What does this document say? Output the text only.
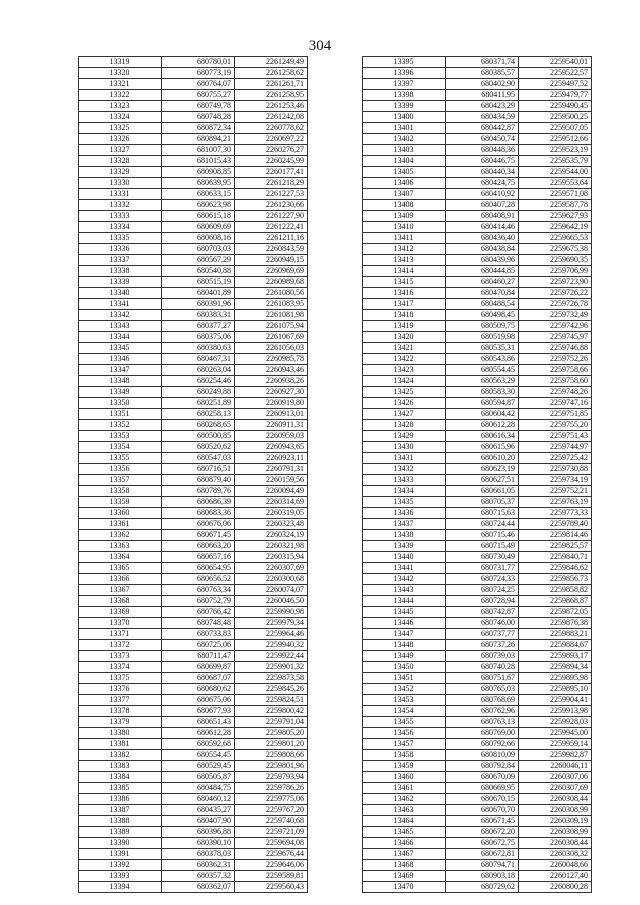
304
13319	680780,01	2261249,49
13320	680773,19	2261258,62
13321	680764,07	2261261,71
13322	680755,27	2261258,95
13323	680749,78	2261253,46
13324	680748,28	2261242,08
13325	680872,34	2260778,62
13326	680894,21	2260697,22
13327	681007,30	2260276,27
13328	681015,43	2260245,99
13329	680908,85	2260177,41
13330	680639,95	2261218,29
13331	680633,15	2261227,53
13332	680623,98	2261230,66
13333	680615,18	2261227,90
13334	680609,69	2261222,41
13335	680608,16	2261211,16
13336	680703,03	2260843,59
13337	680567,29	2260949,15
13338	680540,88	2260969,69
13339	680515,19	2260989,68
13340	680401,89	2261080,56
13341	680391,96	2261083,95
13342	680383,31	2261081,98
13343	680377,27	2261075,94
13344	680375,06	2261067,69
13345	680380,63	2261056,03
13346	680467,31	2260985,78
13347	680263,04	2260943,46
13348	680254,46	2260938,26
13349	680249,88	2260927,30
13350	680251,89	2260919,80
13351	680258,13	2260913,01
13352	680268,65	2260911,31
13353	680500,85	2260959,03
13354	680520,62	2260943,65
13355	680547,03	2260923,11
13356	680716,51	2260791,31
13357	680879,40	2260159,56
13358	680789,76	2260094,49
13359	680686,39	2260314,69
13360	680683,36	2260319,05
13361	680676,06	2260323,48
13362	680671,45	2260324,19
13363	680663,20	2260321,98
13364	680657,16	2260315,94
13365	680654,95	2260307,69
13366	680656,52	2260300,68
13367	680763,34	2260074,07
13368	680752,79	2260046,50
13369	680766,42	2259990,98
13370	680748,48	2259979,34
13371	680733,83	2259964,46
13372	680725,06	2259940,32
13373	680711,47	2259922,44
13374	680699,87	2259901,32
13375	680687,07	2259873,58
13376	680680,62	2259845,26
13377	680675,06	2259824,51
13378	680677,93	2259800,42
13379	680651,43	2259791,04
13380	680612,28	2259805,20
13381	680592,68	2259801,20
13382	680554,45	2259808,66
13383	680529,45	2259801,96
13384	680505,87	2259793,94
13385	680484,75	2259786,26
13386	680460,12	2259775,06
13387	680435,27	2259767,20
13388	680407,90	2259740,68
13389	680396,88	2259721,09
13390	680390,10	2259694,08
13391	680378,03	2259676,44
13392	680362,31	2259646,06
13393	680357,32	2259589,81
13394	680362,07	2259560,43
13395	680371,74	2259540,01
13396	680385,57	2259522,57
13397	680402,90	2259497,52
13398	680411,95	2259479,77
13399	680423,29	2259490,45
13400	680434,59	2259500,25
13401	680442,87	2259507,05
13402	680450,74	2259512,66
13403	680448,36	2259523,19
13404	680446,75	2259535,79
13405	680440,34	2259544,00
13406	680424,75	2259553,64
13407	680410,92	2259571,08
13408	680407,28	2259587,78
13409	680408,91	2259627,93
13410	680414,46	2259642,19
13411	680436,40	2259665,53
13412	680438,84	2259675,38
13413	680439,96	2259690,35
13414	680444,85	2259706,99
13415	680460,27	2259723,90
13416	680470,84	2259726,22
13417	680488,54	2259726,78
13418	680498,45	2259732,49
13419	680509,75	2259742,96
13420	680519,98	2259745,97
13421	680535,31	2259746,88
13422	680543,86	2259752,26
13423	680554,45	2259758,66
13424	680563,29	2259758,60
13425	680583,30	2259748,26
13426	680594,87	2259747,16
13427	680604,42	2259751,85
13428	680612,28	2259755,20
13429	680616,34	2259751,43
13430	680615,96	2259744,97
13431	680610,20	2259725,42
13432	680623,19	2259730,88
13433	680627,51	2259734,19
13434	680661,05	2259752,21
13435	680705,37	2259763,19
13436	680715,63	2259773,33
13437	680724,44	2259789,40
13438	680715,46	2259814,46
13439	680715,49	2259825,57
13440	680730,49	2259840,71
13441	680731,77	2259846,62
13442	680724,33	2259856,73
13443	680724,25	2259858,82
13444	680728,94	2259868,87
13445	680742,87	2259872,05
13446	680746,00	2259876,38
13447	680737,77	2259883,21
13448	680737,26	2259884,67
13449	680739,03	2259893,17
13450	680740,28	2259894,34
13451	680751,67	2259895,98
13452	680765,03	2259895,10
13453	680768,69	2259904,41
13454	680762,96	2259913,98
13455	680763,13	2259928,03
13456	680769,00	2259945,00
13457	680792,66	2259959,14
13458	680810,09	2259982,87
13459	680792,84	2260046,11
13460	680670,09	2260307,06
13461	680669,95	2260307,69
13462	680670,15	2260308,44
13463	680670,70	2260308,99
13464	680671,45	2260309,19
13465	680672,20	2260308,99
13466	680672,75	2260308,44
13467	680672,81	2260308,32
13468	680794,71	2260048,66
13469	680903,18	2260127,40
13470	680729,62	2260800,28
